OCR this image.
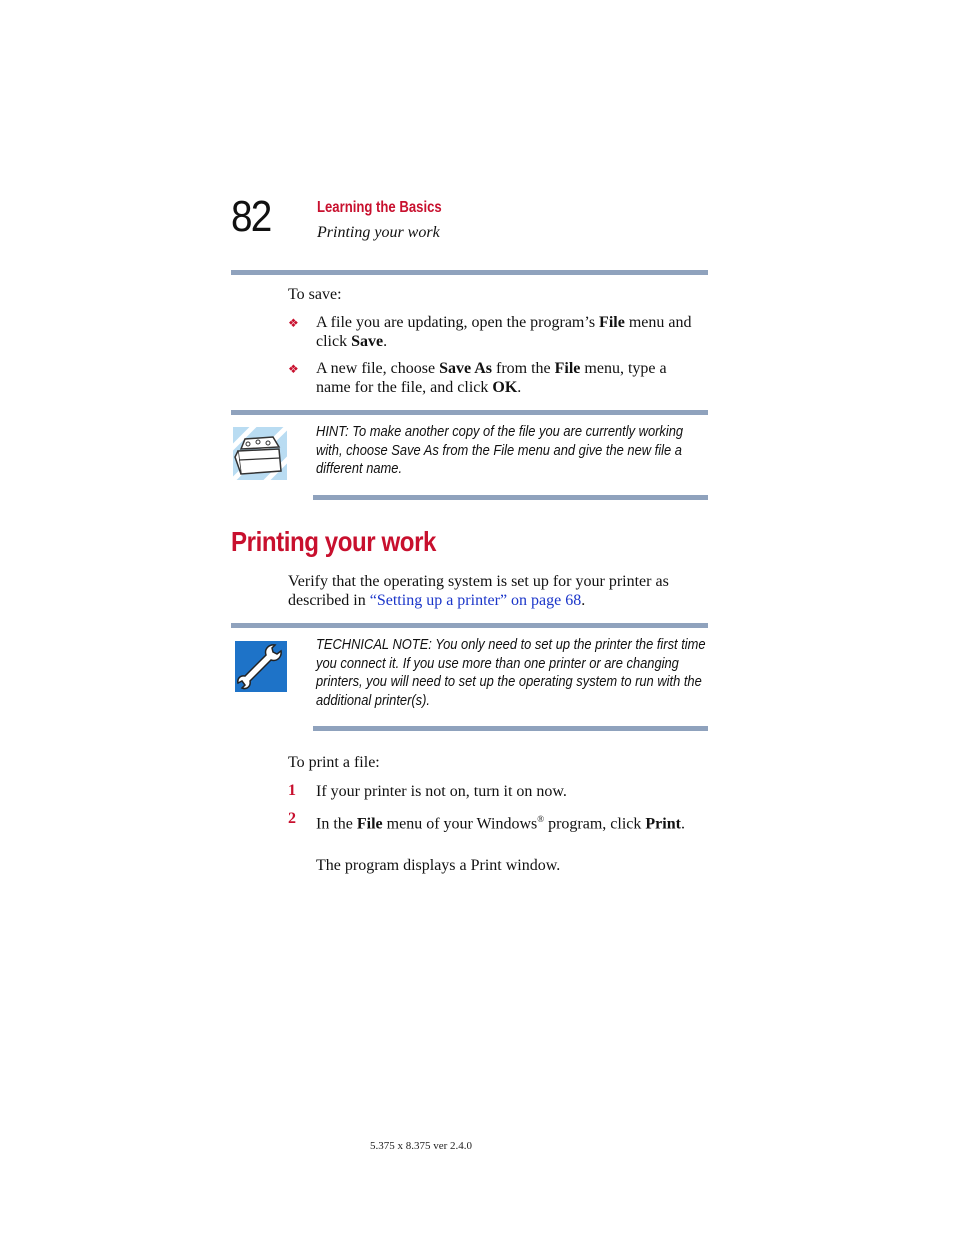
82	Learning the Basics
Printing your work
To save:
❖	A file you are updating, open the program’s File menu and click Save.
❖	A new file, choose Save As from the File menu, type a name for the file, and click OK.
HINT: To make another copy of the file you are currently working with, choose Save As from the File menu and give the new file a different name.
Printing your work
Verify that the operating system is set up for your printer as described in “Setting up a printer” on page 68.
TECHNICAL NOTE: You only need to set up the printer the first time you connect it. If you use more than one printer or are changing printers, you will need to set up the operating system to run with the additional printer(s).
To print a file:
1 If your printer is not on, turn it on now.
2 In the File menu of your Windows® program, click Print.
The program displays a Print window.
5.375 x 8.375 ver 2.4.0
